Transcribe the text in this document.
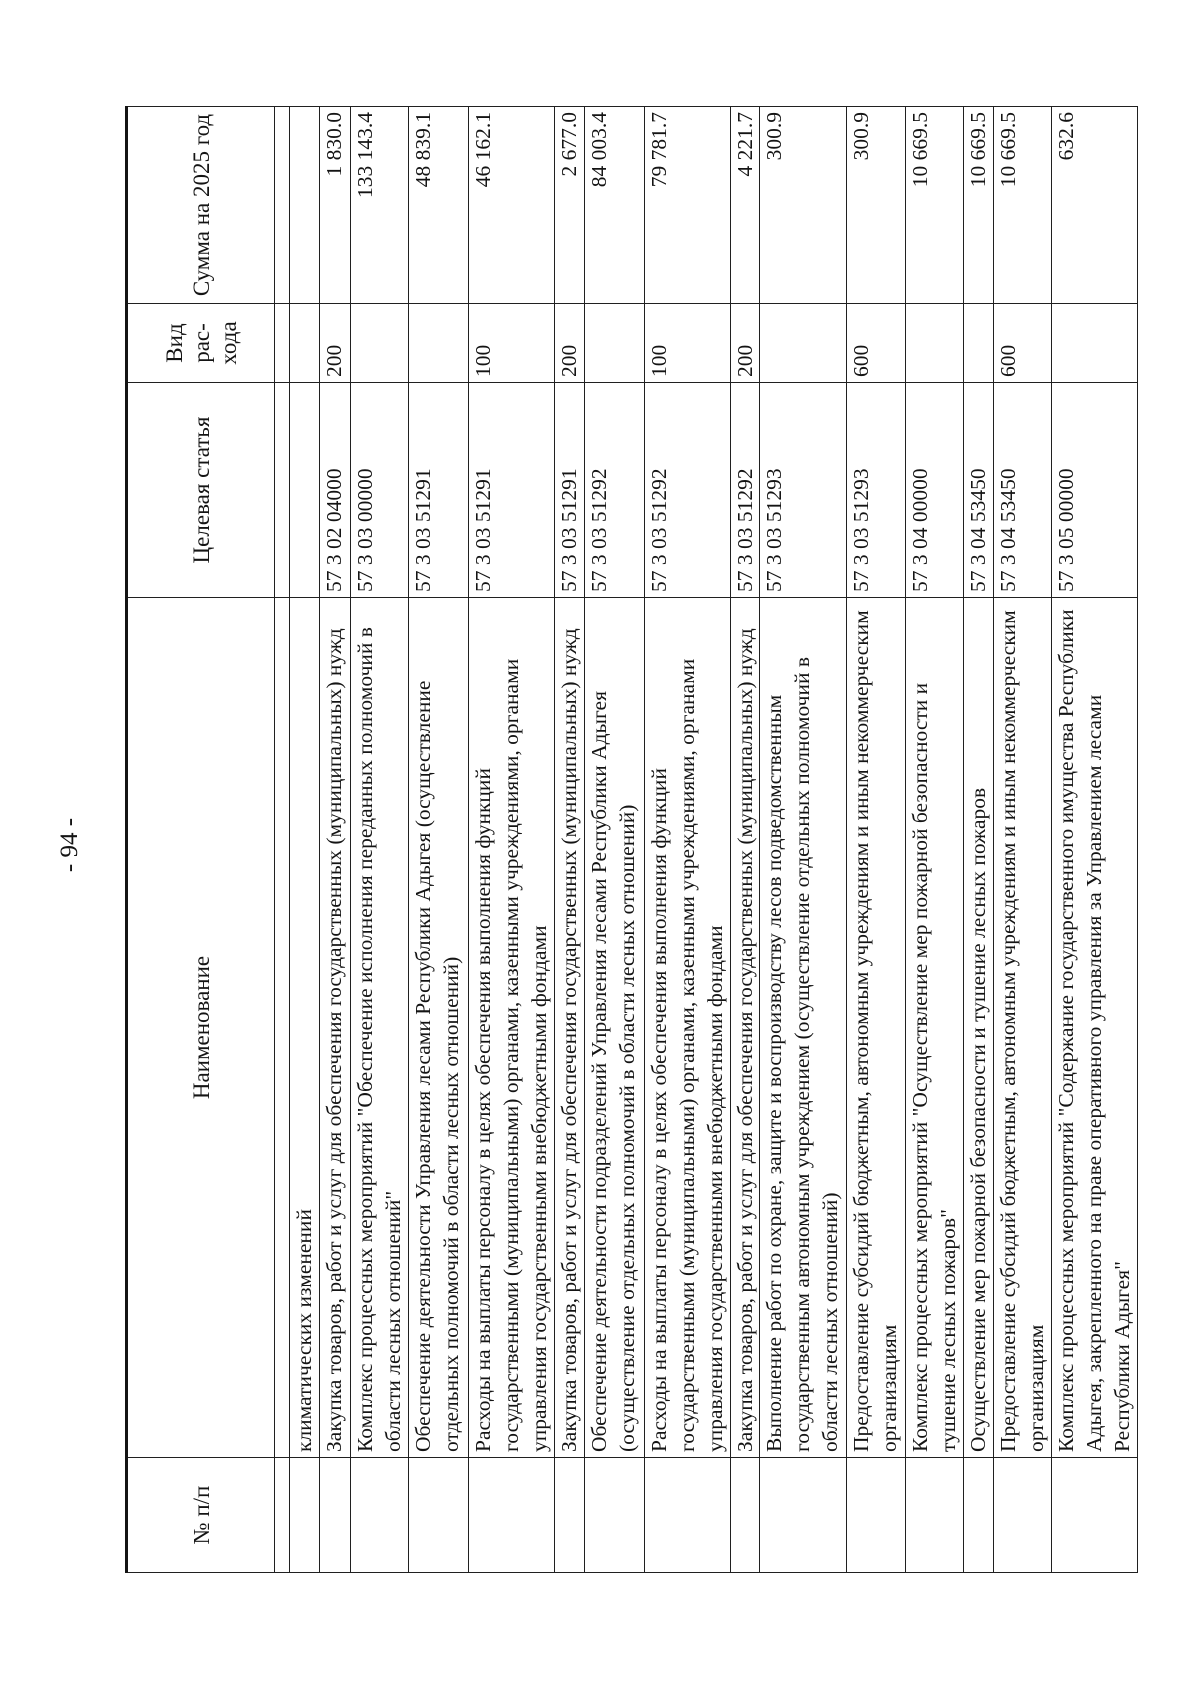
- 94 -
№ п/п	Наименование	Целевая статья	Вид рас-хода	Сумма на 2025 год

	климатических изменений			
	Закупка товаров, работ и услуг для обеспечения государственных (муниципальных) нужд	57 3 02 04000	200	1 830.0
	Комплекс процессных мероприятий "Обеспечение исполнения переданных полномочий в области лесных отношений"	57 3 03 00000		133 143.4
	Обеспечение деятельности Управления лесами Республики Адыгея (осуществление отдельных полномочий в области лесных отношений)	57 3 03 51291		48 839.1
	Расходы на выплаты персоналу в целях обеспечения выполнения функций государственными (муниципальными) органами, казенными учреждениями, органами управления государственными внебюджетными фондами	57 3 03 51291	100	46 162.1
	Закупка товаров, работ и услуг для обеспечения государственных (муниципальных) нужд	57 3 03 51291	200	2 677.0
	Обеспечение деятельности подразделений Управления лесами Республики Адыгея (осуществление отдельных полномочий в области лесных отношений)	57 3 03 51292		84 003.4
	Расходы на выплаты персоналу в целях обеспечения выполнения функций государственными (муниципальными) органами, казенными учреждениями, органами управления государственными внебюджетными фондами	57 3 03 51292	100	79 781.7
	Закупка товаров, работ и услуг для обеспечения государственных (муниципальных) нужд	57 3 03 51292	200	4 221.7
	Выполнение работ по охране, защите и воспроизводству лесов подведомственным государственным автономным учреждением (осуществление отдельных полномочий в области лесных отношений)	57 3 03 51293		300.9
	Предоставление субсидий бюджетным, автономным учреждениям и иным некоммерческим организациям	57 3 03 51293	600	300.9
	Комплекс процессных мероприятий "Осуществление мер пожарной безопасности и тушение лесных пожаров"	57 3 04 00000		10 669.5
	Осуществление мер пожарной безопасности и тушение лесных пожаров	57 3 04 53450		10 669.5
	Предоставление субсидий бюджетным, автономным учреждениям и иным некоммерческим организациям	57 3 04 53450	600	10 669.5
	Комплекс процессных мероприятий "Содержание государственного имущества Республики Адыгея, закрепленного на праве оперативного управления за Управлением лесами Республики Адыгея"	57 3 05 00000		632.6
